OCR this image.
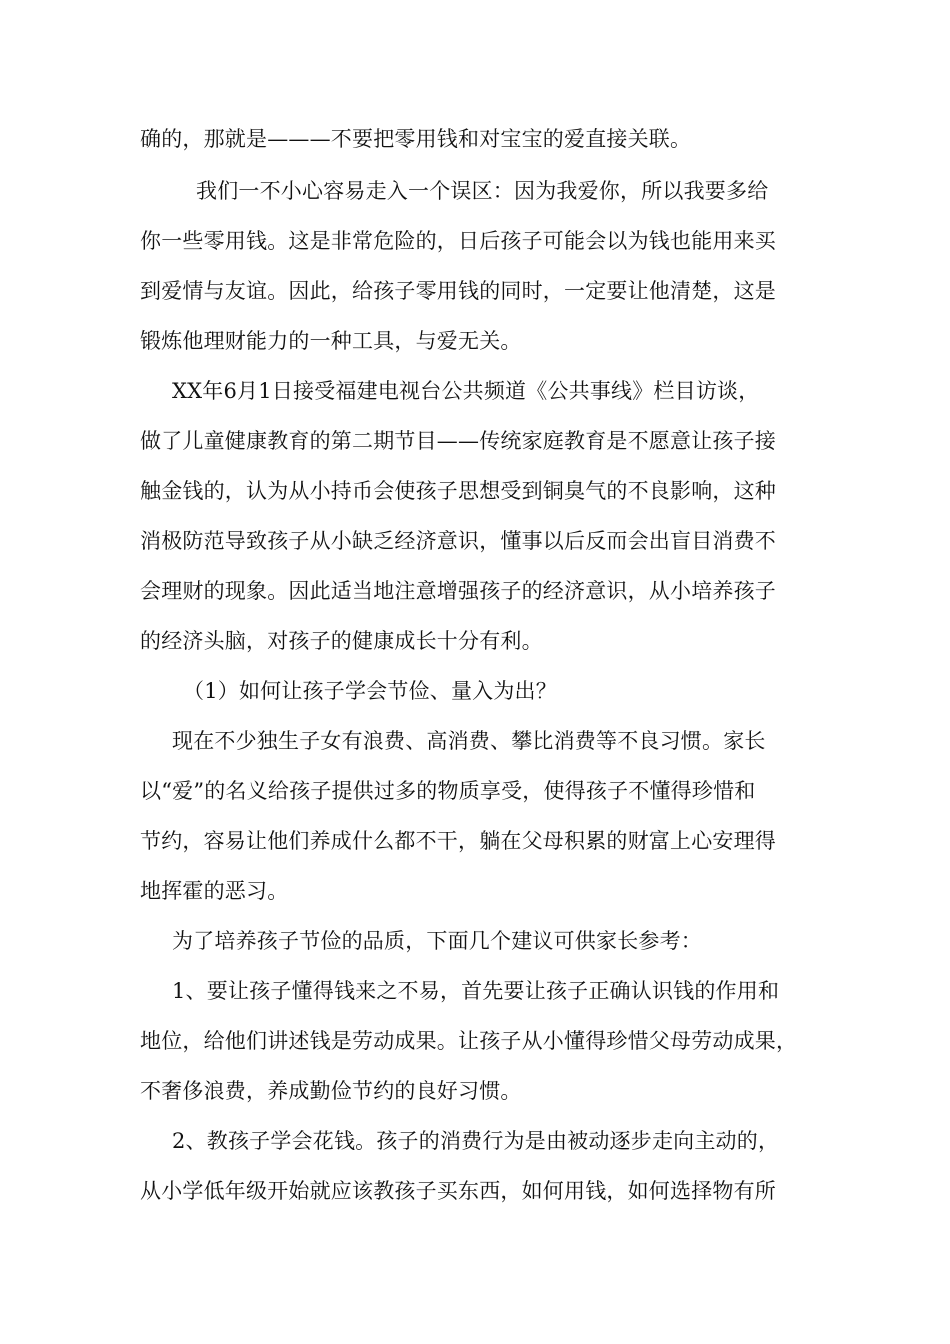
确的，那就是———不要把零用钱和对宝宝的爱直接关联。
我们一不小心容易走入一个误区：因为我爱你，所以我要多给
你一些零用钱。这是非常危险的，日后孩子可能会以为钱也能用来买
到爱情与友谊。因此，给孩子零用钱的同时，一定要让他清楚，这是
锻炼他理财能力的一种工具，与爱无关。
XX年6月1日接受福建电视台公共频道《公共事线》栏目访谈，
做了儿童健康教育的第二期节目——传统家庭教育是不愿意让孩子接
触金钱的，认为从小持币会使孩子思想受到铜臭气的不良影响，这种
消极防范导致孩子从小缺乏经济意识，懂事以后反而会出盲目消费不
会理财的现象。因此适当地注意增强孩子的经济意识，从小培养孩子
的经济头脑，对孩子的健康成长十分有利。
（1）如何让孩子学会节俭、量入为出？
现在不少独生子女有浪费、高消费、攀比消费等不良习惯。家长
以“爱”的名义给孩子提供过多的物质享受，使得孩子不懂得珍惜和
节约，容易让他们养成什么都不干，躺在父母积累的财富上心安理得
地挥霍的恶习。
为了培养孩子节俭的品质，下面几个建议可供家长参考：
1、要让孩子懂得钱来之不易，首先要让孩子正确认识钱的作用和
地位，给他们讲述钱是劳动成果。让孩子从小懂得珍惜父母劳动成果，
不奢侈浪费，养成勤俭节约的良好习惯。
2、教孩子学会花钱。孩子的消费行为是由被动逐步走向主动的，
从小学低年级开始就应该教孩子买东西，如何用钱，如何选择物有所
